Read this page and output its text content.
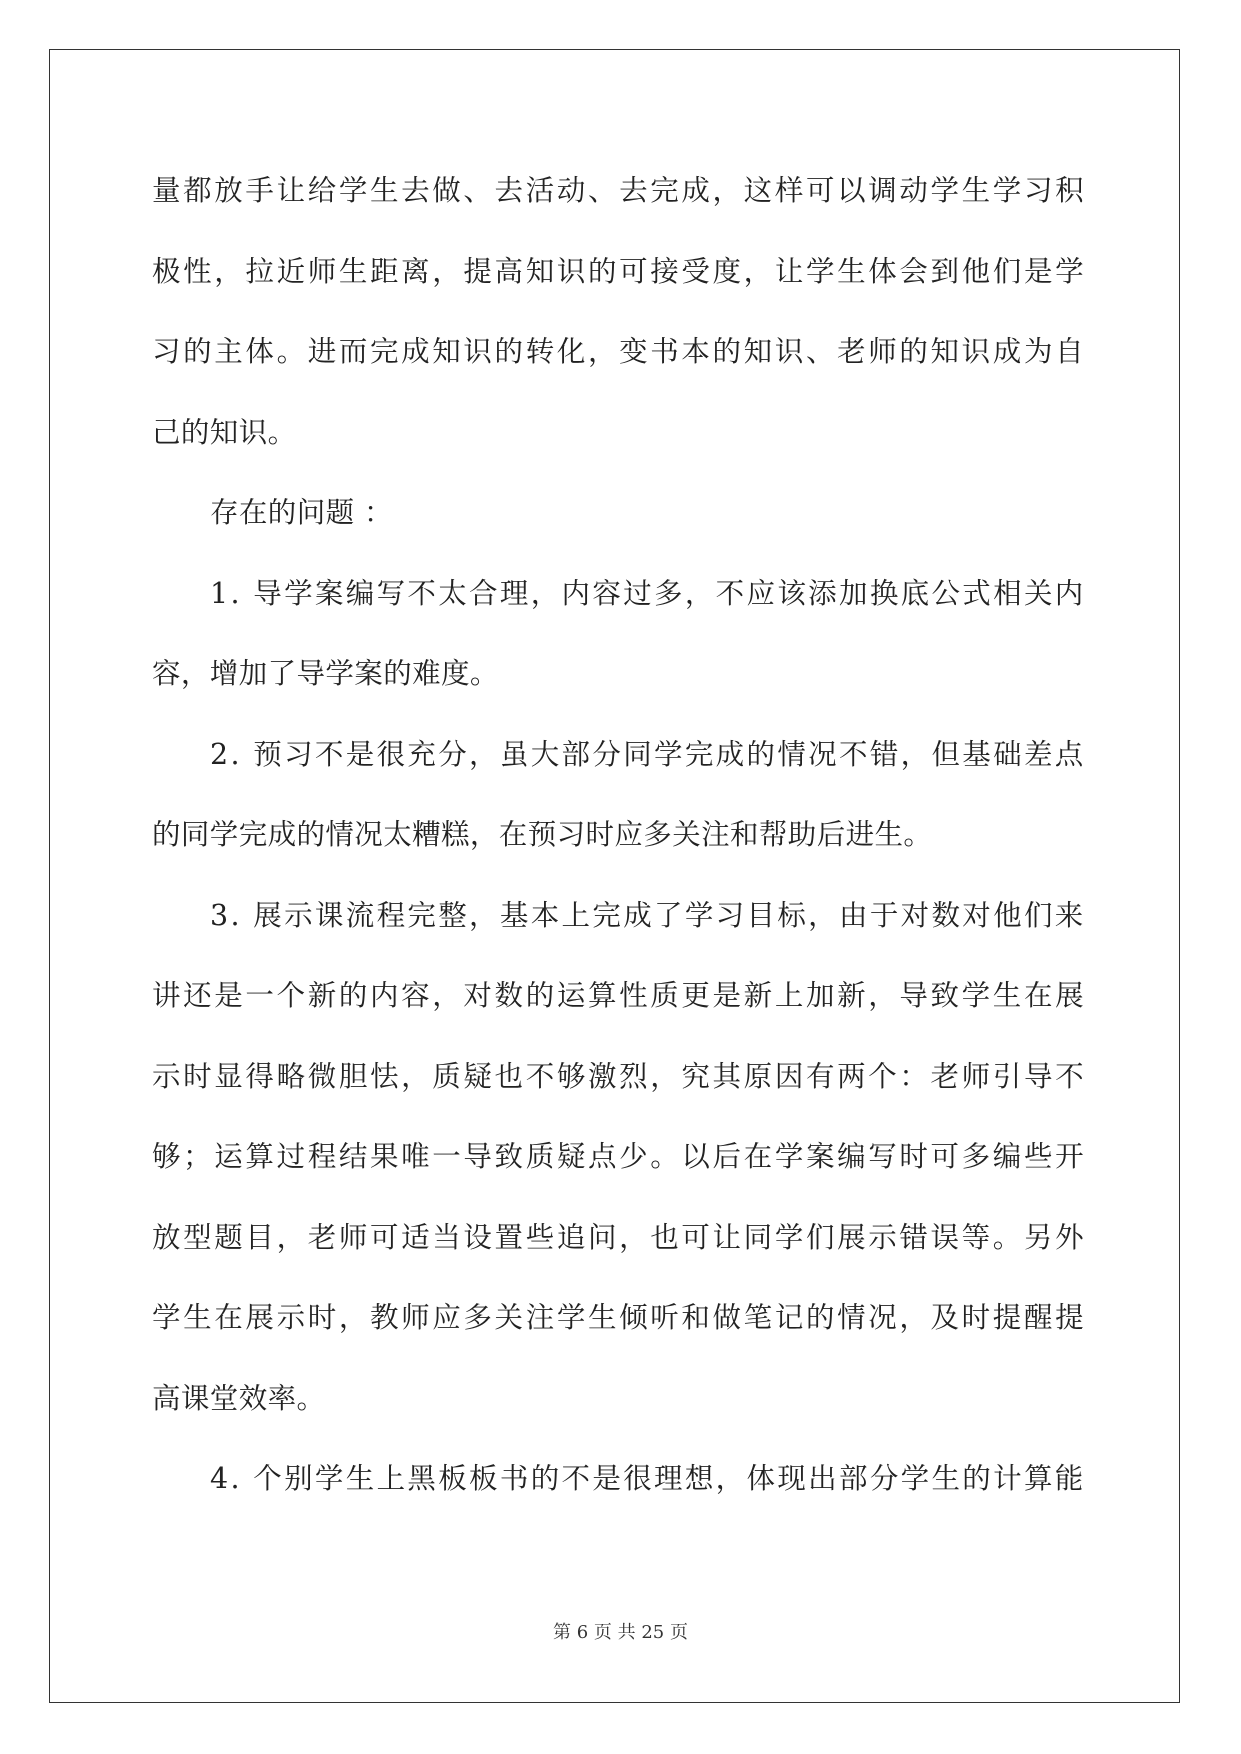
量 都 放 手 让 给 学 生 去 做 、 去 活 动 、 去 完 成 ， 这 样 可 以 调 动 学 生 学 习 积
极 性 ， 拉 近 师 生 距 离 ， 提 高 知 识 的 可 接 受 度 ， 让 学 生 体 会 到 他 们 是 学
习 的 主 体 。 进 而 完 成 知 识 的 转 化 ， 变 书 本 的 知 识 、 老 师 的 知 识 成 为 自
己的知识。
存在的问题 ：
1 .
导 学 案 编 写 不 太 合 理 ， 内 容 过 多 ， 不 应 该 添 加 换 底 公 式 相 关 内
容，增加了导学案的难度。
2 .
预 习 不 是 很 充 分 ， 虽 大 部 分 同 学 完 成 的 情 况 不 错 ， 但 基 础 差 点
的同学完成的情况太糟糕，在预习时应多关注和帮助后进生。
3 .
展 示 课 流 程 完 整 ， 基 本 上 完 成 了 学 习 目 标 ， 由 于 对 数 对 他 们 来
讲 还 是 一 个 新 的 内 容 ， 对 数 的 运 算 性 质 更 是 新 上 加 新 ， 导 致 学 生 在 展
示 时 显 得 略 微 胆 怯 ， 质 疑 也 不 够 激 烈 ， 究 其 原 因 有 两 个 ： 老 师 引 导 不
够 ； 运 算 过 程 结 果 唯 一 导 致 质 疑 点 少 。 以 后 在 学 案 编 写 时 可 多 编 些 开
放 型 题 目 ， 老 师 可 适 当 设 置 些 追 问 ， 也 可 让 同 学 们 展 示 错 误 等 。 另 外
学 生 在 展 示 时 ， 教 师 应 多 关 注 学 生 倾 听 和 做 笔 记 的 情 况 ， 及 时 提 醒 提
高课堂效率。
4 .
个 别 学 生 上 黑 板 板 书 的 不 是 很 理 想 ， 体 现 出 部 分 学 生 的 计 算 能
第 6 页 共 25 页
